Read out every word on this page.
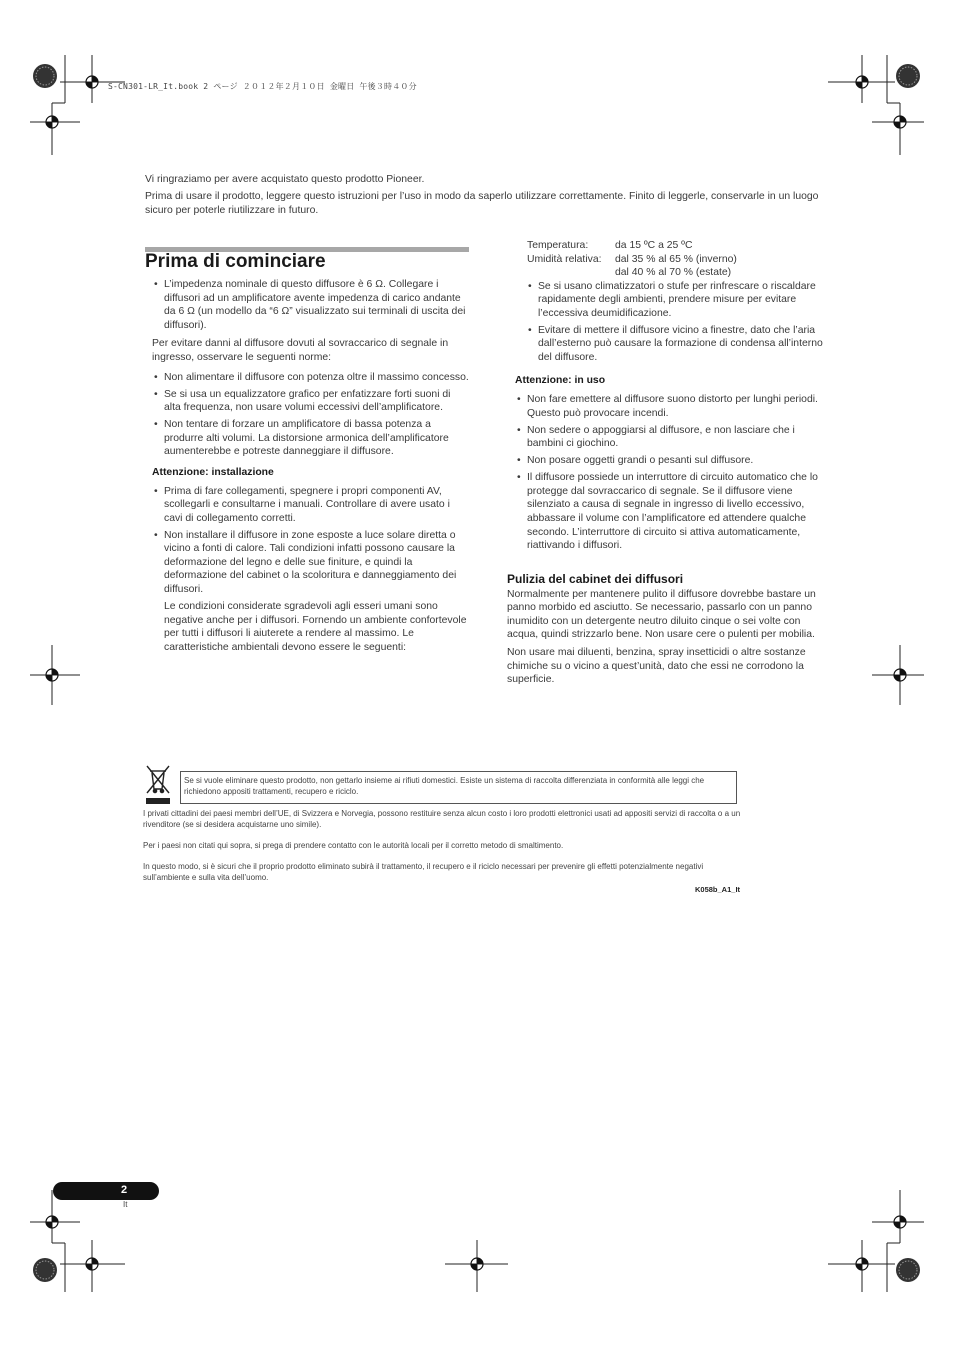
S-CN301-LR_It.book 2 ページ ２０１２年２月１０日 金曜日 午後３時４０分
Vi ringraziamo per avere acquistato questo prodotto Pioneer.
Prima di usare il prodotto, leggere questo istruzioni per l’uso in modo da saperlo utilizzare correttamente. Finito di leggerle, conservarle in un luogo sicuro per poterle riutilizzare in futuro.
Prima di cominciare
• L’impedenza nominale di questo diffusore è 6 Ω. Collegare i diffusori ad un amplificatore avente impedenza di carico andante da 6 Ω (un modello da “6 Ω” visualizzato sui terminali di uscita dei diffusori).

Per evitare danni al diffusore dovuti al sovraccarico di segnale in ingresso, osservare le seguenti norme:

• Non alimentare il diffusore con potenza oltre il massimo concesso.
• Se si usa un equalizzatore grafico per enfatizzare forti suoni di alta frequenza, non usare volumi eccessivi dell’amplificatore.
• Non tentare di forzare un amplificatore di bassa potenza a produrre alti volumi. La distorsione armonica dell’amplificatore aumenterebbe e potreste danneggiare il diffusore.
Attenzione: installazione
• Prima di fare collegamenti, spegnere i propri componenti AV, scollegarli e consultarne i manuali. Controllare di avere usato i cavi di collegamento corretti.
• Non installare il diffusore in zone esposte a luce solare diretta o vicino a fonti di calore. Tali condizioni infatti possono causare la deformazione del legno e delle sue finiture, e quindi la deformazione del cabinet o la scoloritura e danneggiamento dei diffusori.

Le condizioni considerate sgradevoli agli esseri umani sono negative anche per i diffusori. Fornendo un ambiente confortevole per tutti i diffusori li aiuterete a rendere al massimo. Le caratteristiche ambientali devono essere le seguenti:

Temperatura:	da 15 ºC a 25 ºC
Umidità relativa:	dal 35 % al 65 % (inverno)
	dal 40 % al 70 % (estate)
• Se si usano climatizzatori o stufe per rinfrescare o riscaldare rapidamente degli ambienti, prendere misure per evitare l’eccessiva deumidificazione.
• Evitare di mettere il diffusore vicino a finestre, dato che l’aria dall’esterno può causare la formazione di condensa all’interno del diffusore.
Attenzione: in uso
• Non fare emettere al diffusore suono distorto per lunghi periodi. Questo può provocare incendi.
• Non sedere o appoggiarsi al diffusore, e non lasciare che i bambini ci giochino.
• Non posare oggetti grandi o pesanti sul diffusore.
• Il diffusore possiede un interruttore di circuito automatico che lo protegge dal sovraccarico di segnale. Se il diffusore viene silenziato a causa di segnale in ingresso di livello eccessivo, abbassare il volume con l’amplificatore ed attendere qualche secondo. L’interruttore di circuito si attiva automaticamente, riattivando i diffusori.
Pulizia del cabinet dei diffusori

Normalmente per mantenere pulito il diffusore dovrebbe bastare un panno morbido ed asciutto. Se necessario, passarlo con un panno inumidito con un detergente neutro diluito cinque o sei volte con acqua, quindi strizzarlo bene. Non usare cere o pulenti per mobilia.

Non usare mai diluenti, benzina, spray insetticidi o altre sostanze chimiche su o vicino a quest’unità, dato che essi ne corrodono la superficie.

Se si vuole eliminare questo prodotto, non gettarlo insieme ai rifiuti domestici. Esiste un sistema di raccolta differenziata in conformità alle leggi che richiedono appositi trattamenti, recupero e riciclo.
I privati cittadini dei paesi membri dell’UE, di Svizzera e Norvegia, possono restituire senza alcun costo i loro prodotti elettronici usati ad appositi servizi di raccolta o a un rivenditore (se si desidera acquistarne uno simile).
Per i paesi non citati qui sopra, si prega di prendere contatto con le autorità locali per il corretto metodo di smaltimento.
In questo modo, si è sicuri che il proprio prodotto eliminato subirà il trattamento, il recupero e il riciclo necessari per prevenire gli effetti potenzialmente negativi sull’ambiente e sulla vita dell’uomo.
K058b_A1_It
2
It
